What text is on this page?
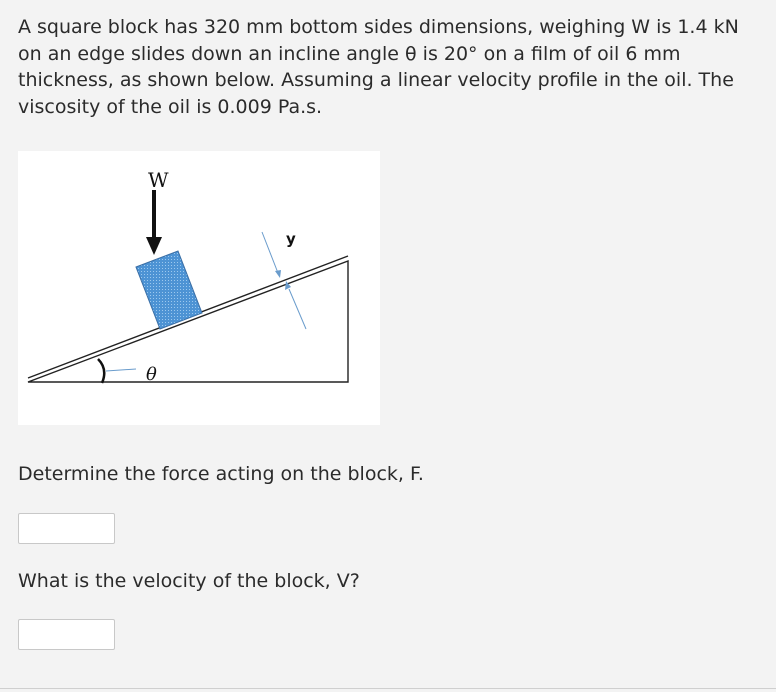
A square block has 320 mm bottom sides dimensions, weighing W is 1.4 kN on an edge slides down an incline angle θ is 20° on a film of oil 6 mm thickness, as shown below. Assuming a linear velocity profile in the oil. The viscosity of the oil is 0.009 Pa.s.
W
y
θ
Determine the force acting on the block, F.
What is the velocity of the block, V?
